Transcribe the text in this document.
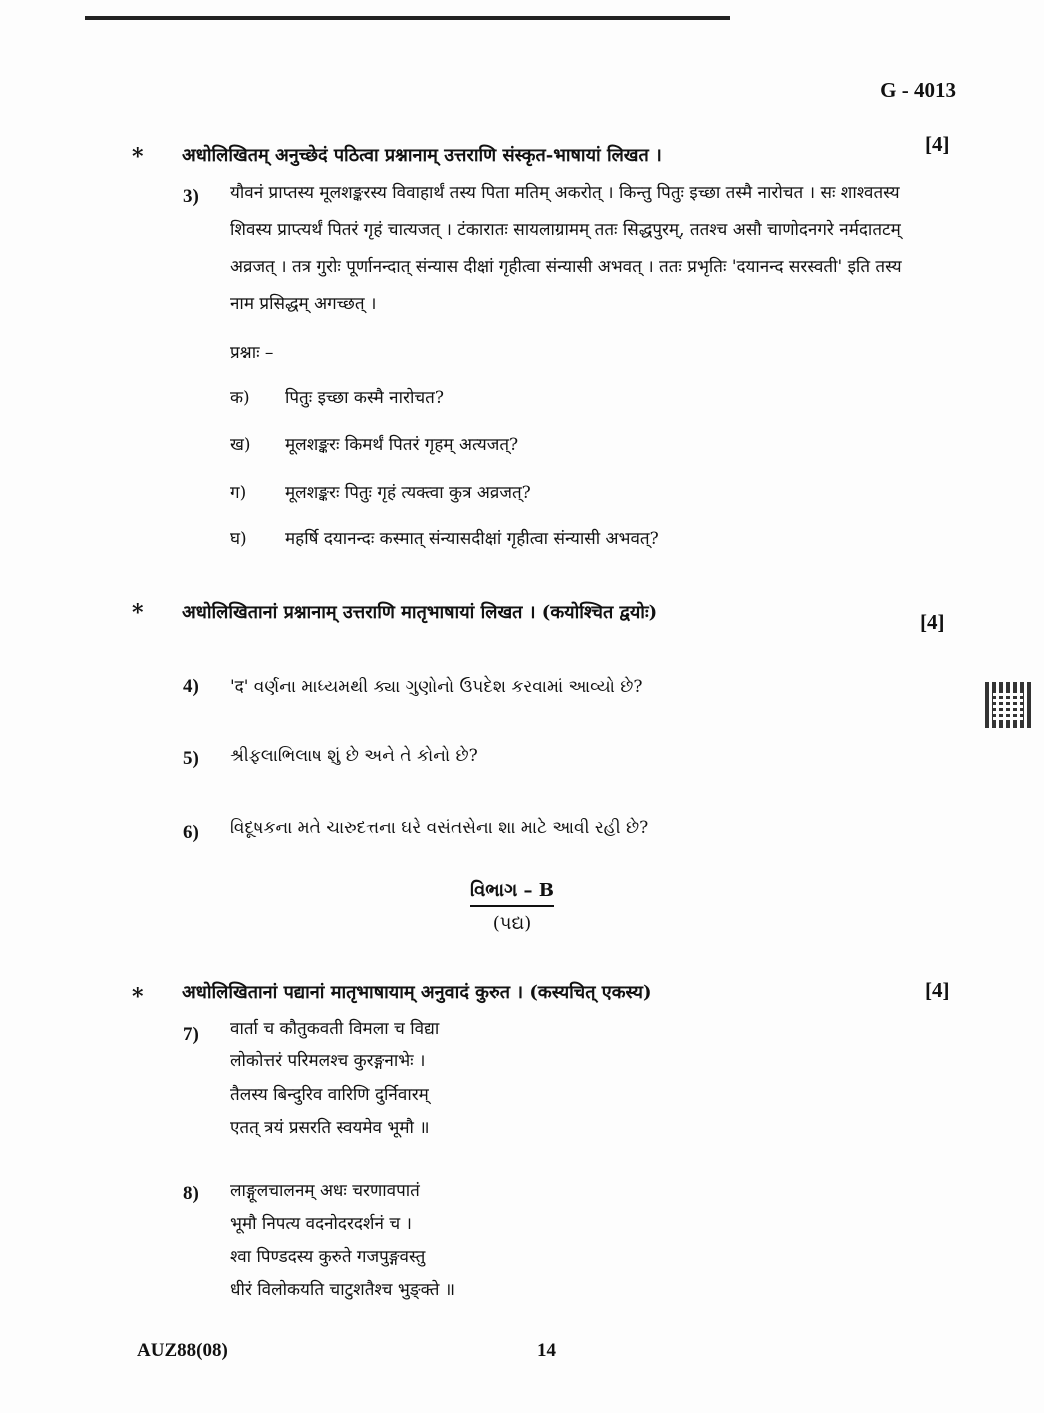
G - 4013
* अधोलिखितम् अनुच्छेदं पठित्वा प्रश्नानाम् उत्तराणि संस्कृत-भाषायां लिखत ।	[4]
3) यौवनं प्राप्तस्य मूलशङ्करस्य विवाहार्थं तस्य पिता मतिम् अकरोत् । किन्तु पितुः इच्छा तस्मै नारोचत । सः शाश्वतस्य शिवस्य प्राप्त्यर्थं पितरं गृहं चात्यजत् । टंकारातः सायलाग्रामम् ततः सिद्धपुरम्, ततश्च असौ चाणोदनगरे नर्मदातटम् अव्रजत् । तत्र गुरोः पूर्णानन्दात् संन्यास दीक्षां गृहीत्वा संन्यासी अभवत् । ततः प्रभृतिः 'दयानन्द सरस्वती' इति तस्य नाम प्रसिद्धम् अगच्छत् ।
प्रश्नाः –
क) पितुः इच्छा कस्मै नारोचत?
ख) मूलशङ्करः किमर्थं पितरं गृहम् अत्यजत्?
ग) मूलशङ्करः पितुः गृहं त्यक्त्वा कुत्र अव्रजत्?
घ) महर्षि दयानन्दः कस्मात् संन्यासदीक्षां गृहीत्वा संन्यासी अभवत्?
* अधोलिखितानां प्रश्नानाम् उत्तराणि मातृभाषायां लिखत । (कयोश्चित द्वयोः)	[4]
4) 'द' વર્ણના માધ્યમથી ક્યા ગુણોનો ઉપદેશ કરવામાં આવ્યો છે?
5) શ્રીફલાભિલાષ શું છે અને તે કોનો છે?
6) વિદૂષકના મતે ચારુદત્તના ઘરે વસંતસેના શા માટે આવી રહી છે?
વિભાગ – B
(પદ્ય)
* अधोलिखितानां पद्यानां मातृभाषायाम् अनुवादं कुरुत । (कस्यचित् एकस्य)	[4]
7) वार्ता च कौतुकवती विमला च विद्या
लोकोत्तरं परिमलश्च कुरङ्गनाभेः ।
तैलस्य बिन्दुरिव वारिणि दुर्निवारम्
एतत् त्रयं प्रसरति स्वयमेव भूमौ ॥
8) लाङ्गूलचालनम् अधः चरणावपातं
भूमौ निपत्य वदनोदरदर्शनं च ।
श्वा पिण्डदस्य कुरुते गजपुङ्गवस्तु
धीरं विलोकयति चाटुशतैश्च भुङ्क्ते ॥
AUZ88(08)	14
